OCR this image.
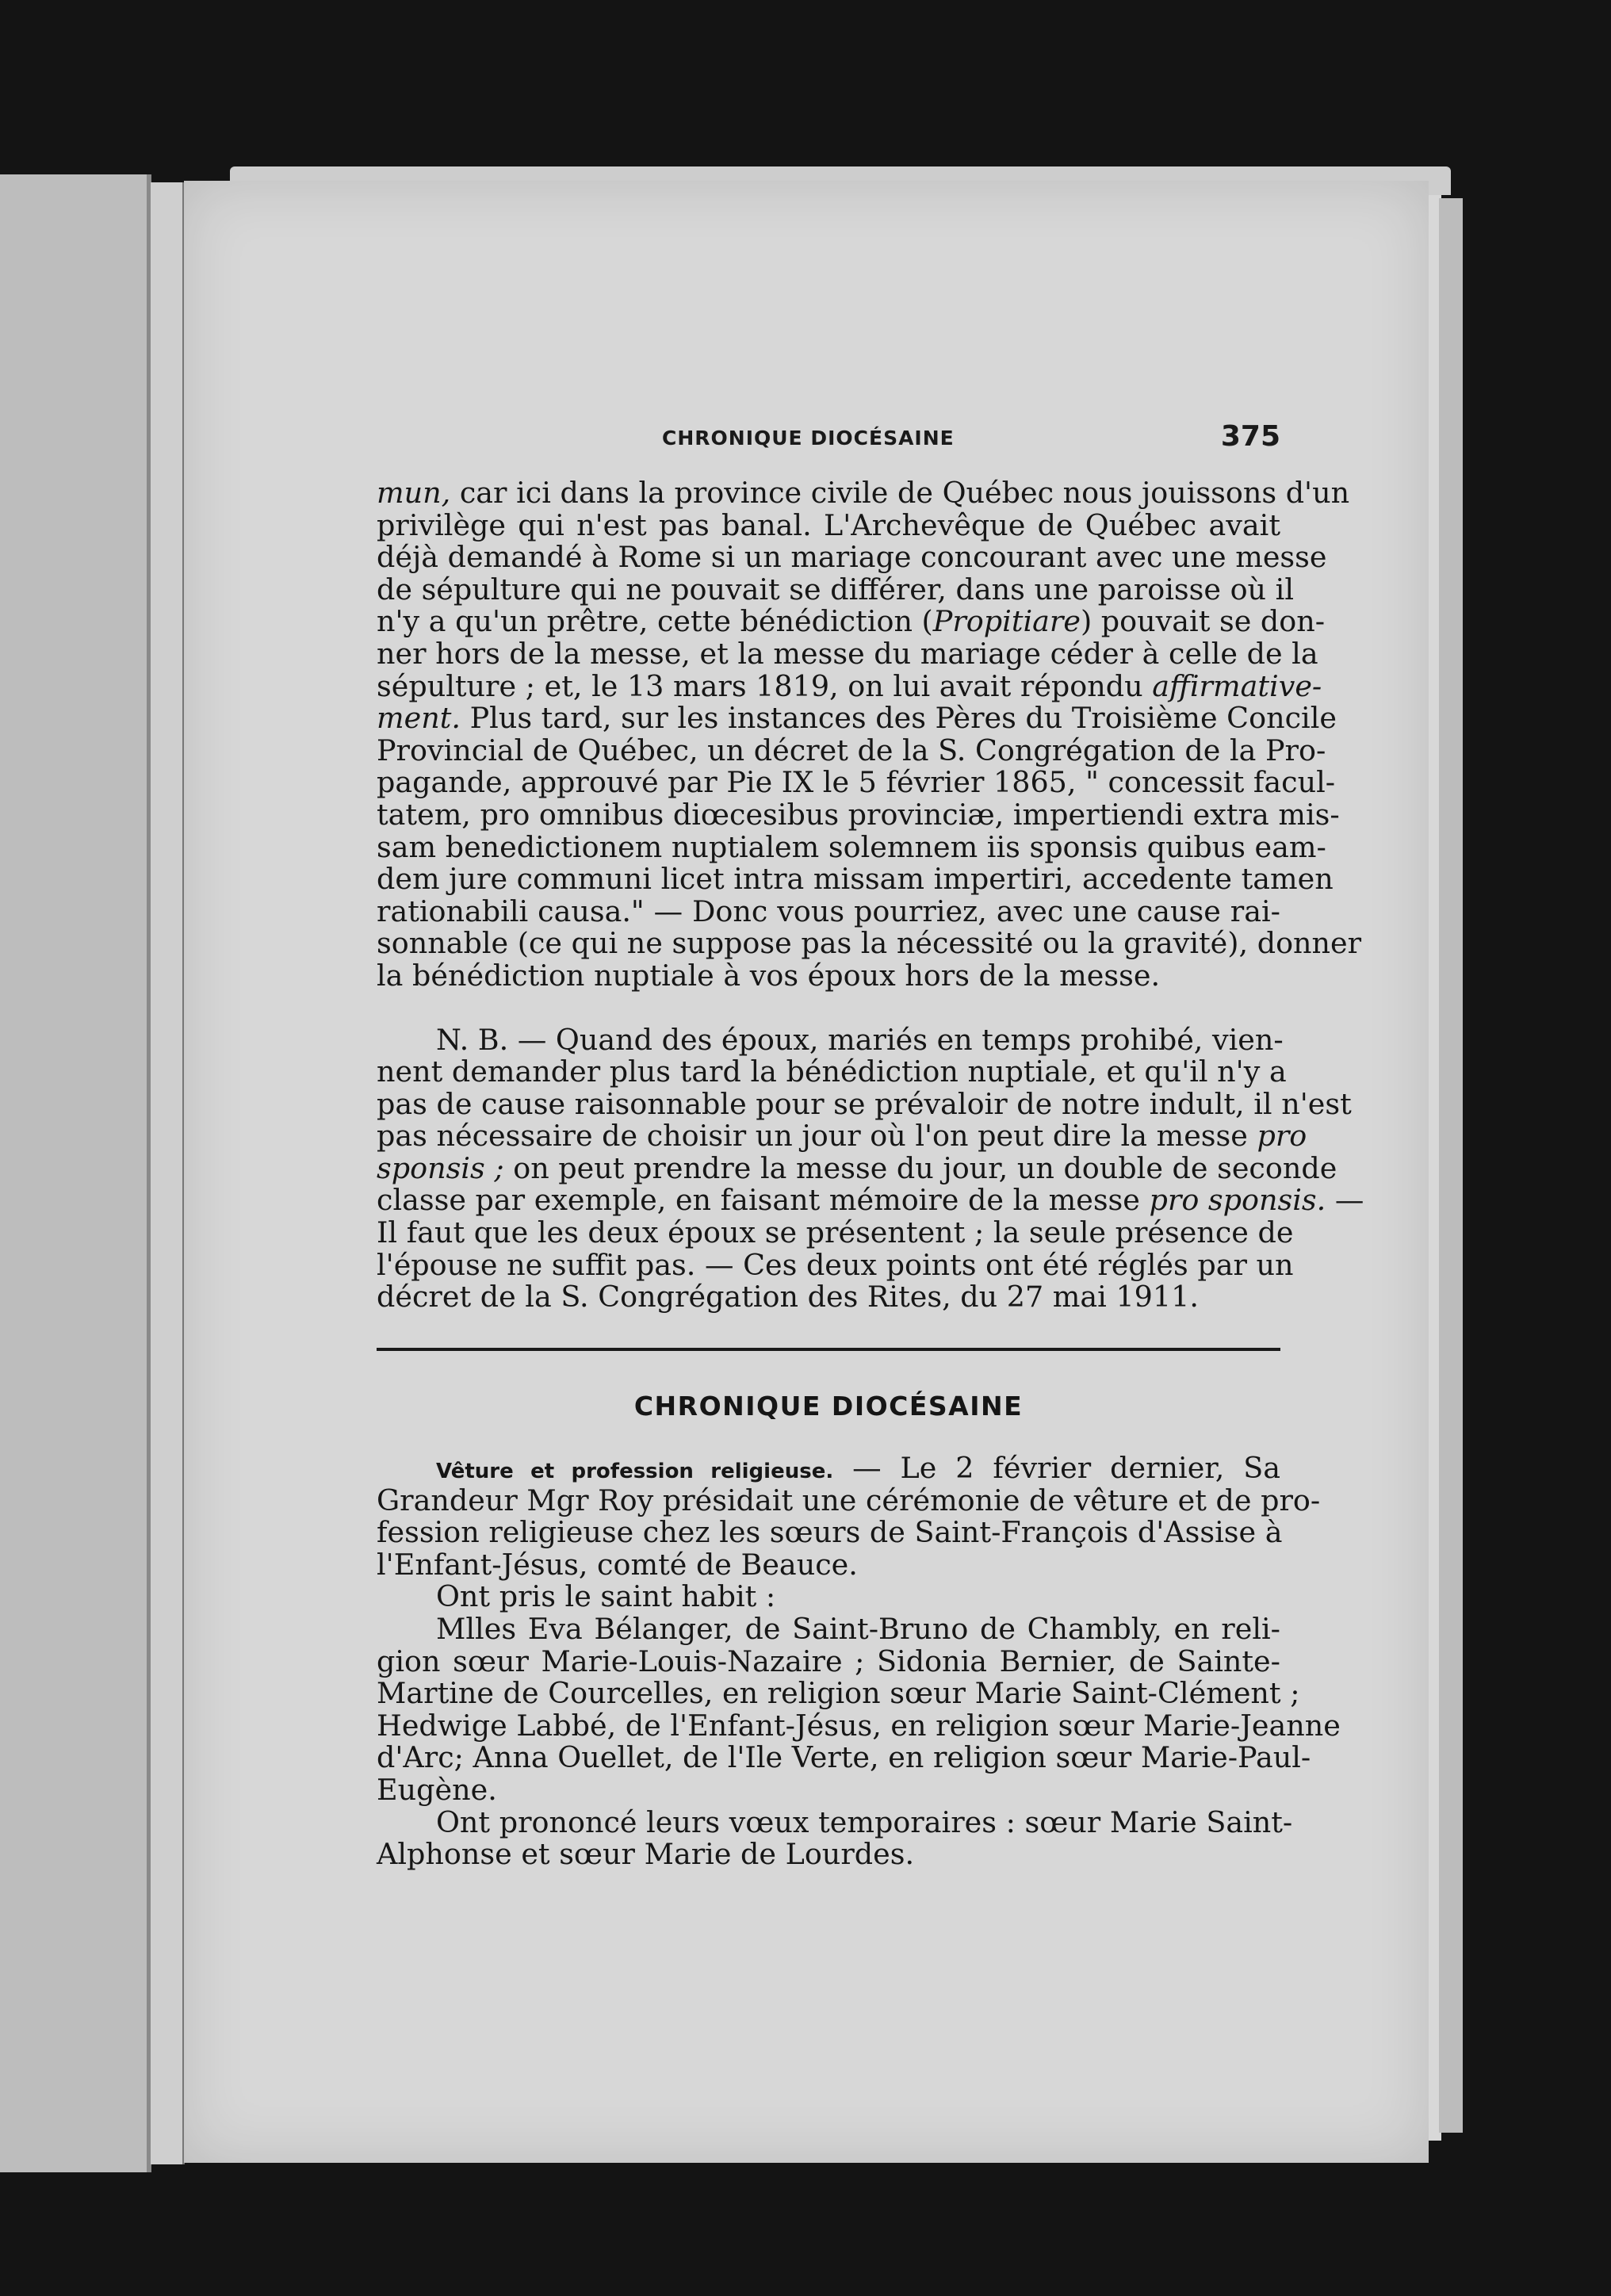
CHRONIQUE DIOCÉSAINE	375
mun, car ici dans la province civile de Québec nous jouissons d'un
privilège qui n'est pas banal. L'Archevêque de Québec avait
déjà demandé à Rome si un mariage concourant avec une messe
de sépulture qui ne pouvait se différer, dans une paroisse où il
n'y a qu'un prêtre, cette bénédiction (Propitiare) pouvait se don-
ner hors de la messe, et la messe du mariage céder à celle de la
sépulture ; et, le 13 mars 1819, on lui avait répondu affirmative-
ment. Plus tard, sur les instances des Pères du Troisième Concile
Provincial de Québec, un décret de la S. Congrégation de la Pro-
pagande, approuvé par Pie IX le 5 février 1865, " concessit facul-
tatem, pro omnibus diœcesibus provinciæ, impertiendi extra mis-
sam benedictionem nuptialem solemnem iis sponsis quibus eam-
dem jure communi licet intra missam impertiri, accedente tamen
rationabili causa." — Donc vous pourriez, avec une cause rai-
sonnable (ce qui ne suppose pas la nécessité ou la gravité), donner
la bénédiction nuptiale à vos époux hors de la messe.
N. B. — Quand des époux, mariés en temps prohibé, vien-
nent demander plus tard la bénédiction nuptiale, et qu'il n'y a
pas de cause raisonnable pour se prévaloir de notre indult, il n'est
pas nécessaire de choisir un jour où l'on peut dire la messe pro
sponsis ; on peut prendre la messe du jour, un double de seconde
classe par exemple, en faisant mémoire de la messe pro sponsis. —
Il faut que les deux époux se présentent ; la seule présence de
l'épouse ne suffit pas. — Ces deux points ont été réglés par un
décret de la S. Congrégation des Rites, du 27 mai 1911.
CHRONIQUE DIOCÉSAINE
Vêture et profession religieuse. — Le 2 février dernier, Sa
Grandeur Mgr Roy présidait une cérémonie de vêture et de pro-
fession religieuse chez les sœurs de Saint-François d'Assise à
l'Enfant-Jésus, comté de Beauce.
Ont pris le saint habit :
Mlles Eva Bélanger, de Saint-Bruno de Chambly, en reli-
gion sœur Marie-Louis-Nazaire ; Sidonia Bernier, de Sainte-
Martine de Courcelles, en religion sœur Marie Saint-Clément ;
Hedwige Labbé, de l'Enfant-Jésus, en religion sœur Marie-Jeanne
d'Arc; Anna Ouellet, de l'Ile Verte, en religion sœur Marie-Paul-
Eugène.
Ont prononcé leurs vœux temporaires : sœur Marie Saint-
Alphonse et sœur Marie de Lourdes.
